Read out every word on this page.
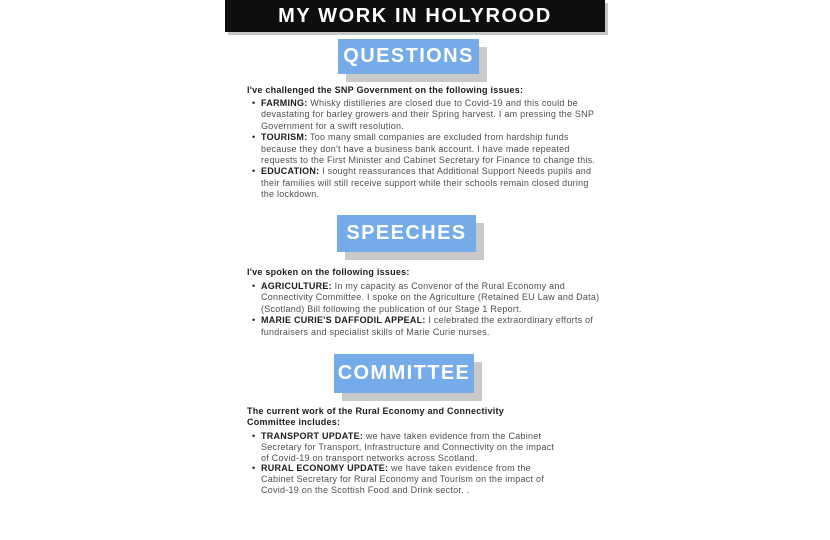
MY WORK IN HOLYROOD
QUESTIONS
I've challenged the SNP Government on the following issues:
• FARMING: Whisky distilleries are closed due to Covid-19 and this could be devastating for barley growers and their Spring harvest. I am pressing the SNP Government for a swift resolution.
• TOURISM: Too many small companies are excluded from hardship funds because they don't have a business bank account. I have made repeated requests to the First Minister and Cabinet Secretary for Finance to change this.
• EDUCATION: I sought reassurances that Additional Support Needs pupils and their families will still receive support while their schools remain closed during the lockdown.
SPEECHES
I've spoken on the following issues:
• AGRICULTURE: In my capacity as Convenor of the Rural Economy and Connectivity Committee. I spoke on the Agriculture (Retained EU Law and Data) (Scotland) Bill following the publication of our Stage 1 Report.
• MARIE CURIE'S DAFFODIL APPEAL: I celebrated the extraordinary efforts of fundraisers and specialist skills of Marie Curie nurses.
COMMITTEE
The current work of the Rural Economy and Connectivity Committee includes:
• TRANSPORT UPDATE: we have taken evidence from the Cabinet Secretary for Transport, Infrastructure and Connectivity on the impact of Covid-19 on transport networks across Scotland.
• RURAL ECONOMY UPDATE: we have taken evidence from the Cabinet Secretary for Rural Economy and Tourism on the impact of Covid-19 on the Scottish Food and Drink sector. .
